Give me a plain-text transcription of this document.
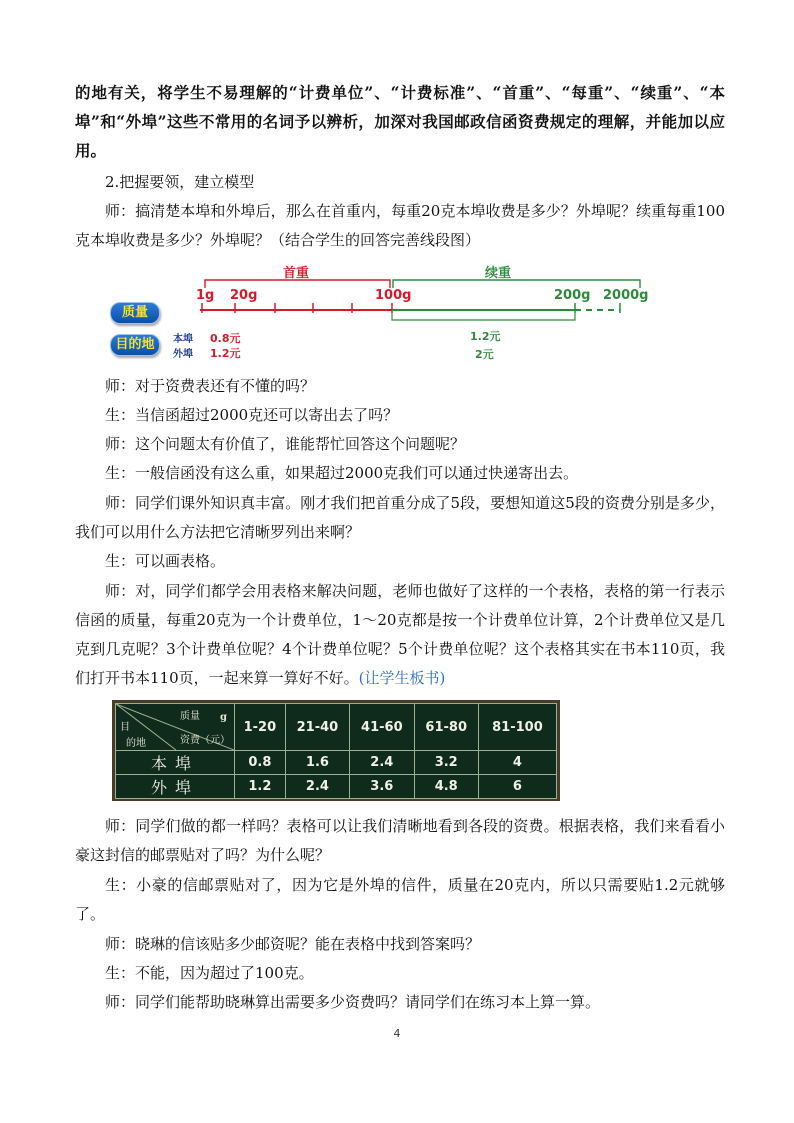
的地有关，将学生不易理解的“计费单位”、“计费标准”、“首重”、“每重”、“续重”、“本埠”和“外埠”这些不常用的名词予以辨析，加深对我国邮政信函资费规定的理解，并能加以应用。

2.把握要领，建立模型

师：搞清楚本埠和外埠后，那么在首重内，每重20克本埠收费是多少？外埠呢？续重每重100克本埠收费是多少？外埠呢？（结合学生的回答完善线段图）

首重	续重
1g 20g	100g	200g 2000g
质量
目的地	本埠
外埠
0.8元
1.2元
1.2元
2元

师：对于资费表还有不懂的吗？

生：当信函超过2000克还可以寄出去了吗？

师：这个问题太有价值了，谁能帮忙回答这个问题呢？

生：一般信函没有这么重，如果超过2000克我们可以通过快递寄出去。

师：同学们课外知识真丰富。刚才我们把首重分成了5段，要想知道这5段的资费分别是多少，我们可以用什么方法把它清晰罗列出来啊？

生：可以画表格。

师：对，同学们都学会用表格来解决问题，老师也做好了这样的一个表格，表格的第一行表示信函的质量，每重20克为一个计费单位，1～20克都是按一个计费单位计算，2个计费单位又是几克到几克呢？3个计费单位呢？4个计费单位呢？5个计费单位呢？这个表格其实在书本110页，我们打开书本110页，一起来算一算好不好。(让学生板书)

质量 g
资费（元）
目
的地	1-20	21-40	41-60	61-80	81-100
本埠	0.8	1.6	2.4	3.2	4
外埠	1.2	2.4	3.6	4.8	6

师：同学们做的都一样吗？表格可以让我们清晰地看到各段的资费。根据表格，我们来看看小豪这封信的邮票贴对了吗？为什么呢？

生：小豪的信邮票贴对了，因为它是外埠的信件，质量在20克内，所以只需要贴1.2元就够了。

师：晓琳的信该贴多少邮资呢？能在表格中找到答案吗？

生：不能，因为超过了100克。

师：同学们能帮助晓琳算出需要多少资费吗？请同学们在练习本上算一算。

4
